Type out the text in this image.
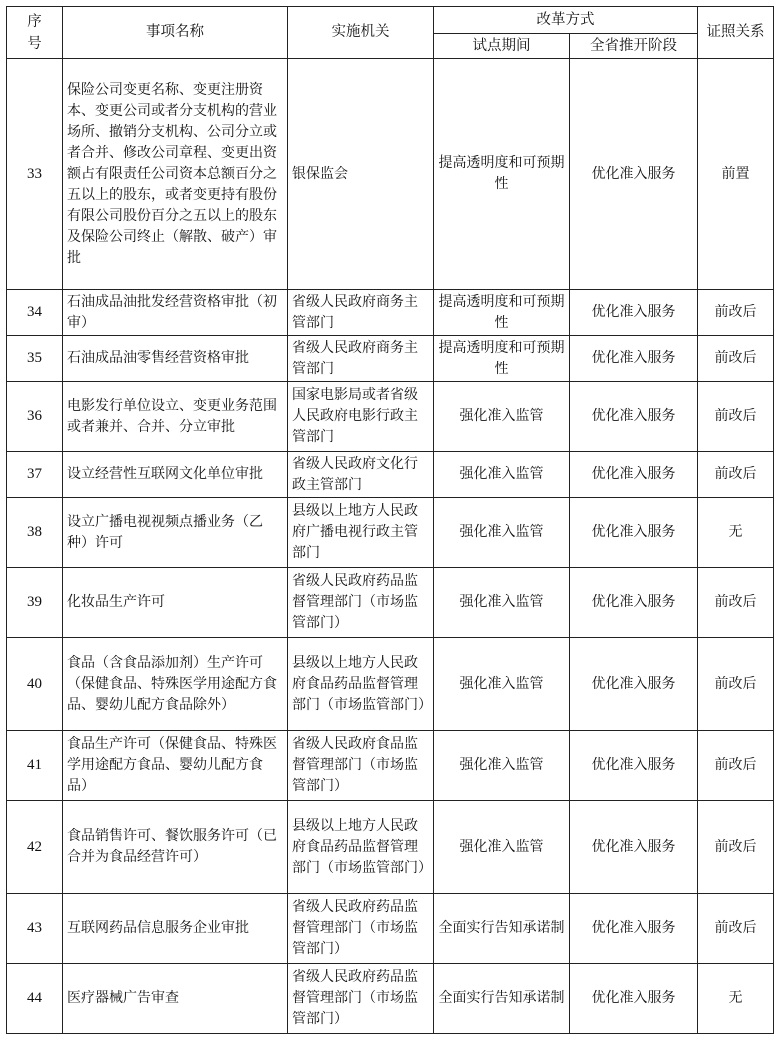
序
号	事项名称	实施机关	改革方式		证照关系
			试点期间	全省推开阶段	
33	保险公司变更名称、变更注册资本、变更公司或者分支机构的营业场所、撤销分支机构、公司分立或者合并、修改公司章程、变更出资额占有限责任公司资本总额百分之五以上的股东，或者变更持有股份有限公司股份百分之五以上的股东及保险公司终止（解散、破产）审批	银保监会	提高透明度和可预期性	优化准入服务	前置
34	石油成品油批发经营资格审批（初审）	省级人民政府商务主管部门	提高透明度和可预期性	优化准入服务	前改后
35	石油成品油零售经营资格审批	省级人民政府商务主管部门	提高透明度和可预期性	优化准入服务	前改后
36	电影发行单位设立、变更业务范围或者兼并、合并、分立审批	国家电影局或者省级人民政府电影行政主管部门	强化准入监管	优化准入服务	前改后
37	设立经营性互联网文化单位审批	省级人民政府文化行政主管部门	强化准入监管	优化准入服务	前改后
38	设立广播电视视频点播业务（乙种）许可	县级以上地方人民政府广播电视行政主管部门	强化准入监管	优化准入服务	无
39	化妆品生产许可	省级人民政府药品监督管理部门（市场监管部门）	强化准入监管	优化准入服务	前改后
40	食品（含食品添加剂）生产许可（保健食品、特殊医学用途配方食品、婴幼儿配方食品除外）	县级以上地方人民政府食品药品监督管理部门（市场监管部门）	强化准入监管	优化准入服务	前改后
41	食品生产许可（保健食品、特殊医学用途配方食品、婴幼儿配方食品）	省级人民政府食品监督管理部门（市场监管部门）	强化准入监管	优化准入服务	前改后
42	食品销售许可、餐饮服务许可（已合并为食品经营许可）	县级以上地方人民政府食品药品监督管理部门（市场监管部门）	强化准入监管	优化准入服务	前改后
43	互联网药品信息服务企业审批	省级人民政府药品监督管理部门（市场监管部门）	全面实行告知承诺制	优化准入服务	前改后
44	医疗器械广告审查	省级人民政府药品监督管理部门（市场监管部门）	全面实行告知承诺制	优化准入服务	无
